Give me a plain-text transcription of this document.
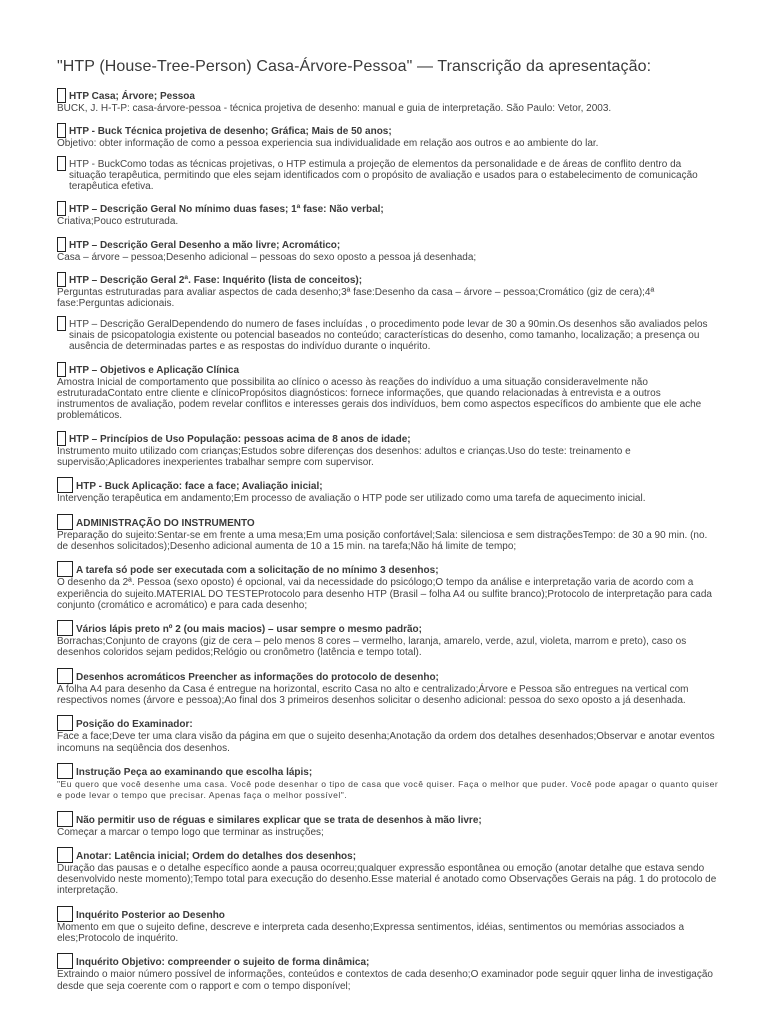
"HTP (House-Tree-Person) Casa-Árvore-Pessoa" — Transcrição da apresentação:
HTP Casa; Árvore; Pessoa
BUCK, J. H-T-P: casa-árvore-pessoa - técnica projetiva de desenho: manual e guia de interpretação. São Paulo: Vetor, 2003.
HTP - Buck Técnica projetiva de desenho; Gráfica; Mais de 50 anos;
Objetivo: obter informação de como a pessoa experiencia sua individualidade em relação aos outros e ao ambiente do lar.
HTP - BuckComo todas as técnicas projetivas, o HTP estimula a projeção de elementos da personalidade e de áreas de conflito dentro da situação terapêutica, permitindo que eles sejam identificados com o propósito de avaliação e usados para o estabelecimento de comunicação terapêutica efetiva.
HTP – Descrição Geral No mínimo duas fases; 1ª fase: Não verbal;
Criativa;Pouco estruturada.
HTP – Descrição Geral Desenho a mão livre; Acromático;
Casa – árvore – pessoa;Desenho adicional – pessoas do sexo oposto a pessoa já desenhada;
HTP – Descrição Geral 2ª. Fase: Inquérito (lista de conceitos);
Perguntas estruturadas para avaliar aspectos de cada desenho;3ª fase:Desenho da casa – árvore – pessoa;Cromático (giz de cera);4ª fase:Perguntas adicionais.
HTP – Descrição GeralDependendo do numero de fases incluídas , o procedimento pode levar de 30 a 90min.Os desenhos são avaliados pelos sinais de psicopatologia existente ou potencial baseados no conteúdo; características do desenho, como tamanho, localização; a presença ou ausência de determinadas partes e as respostas do indivíduo durante o inquérito.
HTP – Objetivos e Aplicação Clínica
Amostra Inicial de comportamento que possibilita ao clínico o acesso às reações do indivíduo a uma situação consideravelmente não estruturadaContato entre cliente e clínicoPropósitos diagnósticos: fornece informações, que quando relacionadas à entrevista e a outros instrumentos de avaliação, podem revelar conflitos e interesses gerais dos indivíduos, bem como aspectos específicos do ambiente que ele ache problemáticos.
HTP – Princípios de Uso População: pessoas acima de 8 anos de idade;
Instrumento muito utilizado com crianças;Estudos sobre diferenças dos desenhos: adultos e crianças.Uso do teste: treinamento e supervisão;Aplicadores inexperientes trabalhar sempre com supervisor.
HTP - Buck Aplicação: face a face; Avaliação inicial;
Intervenção terapêutica em andamento;Em processo de avaliação o HTP pode ser utilizado como uma tarefa de aquecimento inicial.
ADMINISTRAÇÃO DO INSTRUMENTO
Preparação do sujeito:Sentar-se em frente a uma mesa;Em uma posição confortável;Sala: silenciosa e sem distraçõesTempo: de 30 a 90 min. (no. de desenhos solicitados);Desenho adicional aumenta de 10 a 15 min. na tarefa;Não há limite de tempo;
A tarefa só pode ser executada com a solicitação de no mínimo 3 desenhos;
O desenho da 2ª. Pessoa (sexo oposto) é opcional, vai da necessidade do psicólogo;O tempo da análise e interpretação varia de acordo com a experiência do sujeito.MATERIAL DO TESTEProtocolo para desenho HTP (Brasil – folha A4 ou sulfite branco);Protocolo de interpretação para cada conjunto (cromático e acromático) e para cada desenho;
Vários lápis preto nº 2 (ou mais macios) – usar sempre o mesmo padrão;
Borrachas;Conjunto de crayons (giz de cera – pelo menos 8 cores – vermelho, laranja, amarelo, verde, azul, violeta, marrom e preto), caso os desenhos coloridos sejam pedidos;Relógio ou cronômetro (latência e tempo total).
Desenhos acromáticos Preencher as informações do protocolo de desenho;
A folha A4 para desenho da Casa é entregue na horizontal, escrito Casa no alto e centralizado;Árvore e Pessoa são entregues na vertical com respectivos nomes (árvore e pessoa);Ao final dos 3 primeiros desenhos solicitar o desenho adicional: pessoa do sexo oposto a já desenhada.
Posição do Examinador:
Face a face;Deve ter uma clara visão da página em que o sujeito desenha;Anotação da ordem dos detalhes desenhados;Observar e anotar eventos incomuns na seqüência dos desenhos.
Instrução Peça ao examinando que escolha lápis;
"Eu quero que você desenhe uma casa. Você pode desenhar o tipo de casa que você quiser. Faça o melhor que puder. Você pode apagar o quanto quiser e pode levar o tempo que precisar. Apenas faça o melhor possível".
Não permitir uso de réguas e similares explicar que se trata de desenhos à mão livre;
Começar a marcar o tempo logo que terminar as instruções;
Anotar: Latência inicial; Ordem do detalhes dos desenhos;
Duração das pausas e o detalhe específico aonde a pausa ocorreu;qualquer expressão espontânea ou emoção (anotar detalhe que estava sendo desenvolvido neste momento);Tempo total para execução do desenho.Esse material é anotado como Observações Gerais na pág. 1 do protocolo de interpretação.
Inquérito Posterior ao Desenho
Momento em que o sujeito define, descreve e interpreta cada desenho;Expressa sentimentos, idéias, sentimentos ou memórias associados a eles;Protocolo de inquérito.
Inquérito Objetivo: compreender o sujeito de forma dinâmica;
Extraindo o maior número possível de informações, conteúdos e contextos de cada desenho;O examinador pode seguir qquer linha de investigação desde que seja coerente com o rapport e com o tempo disponível;
